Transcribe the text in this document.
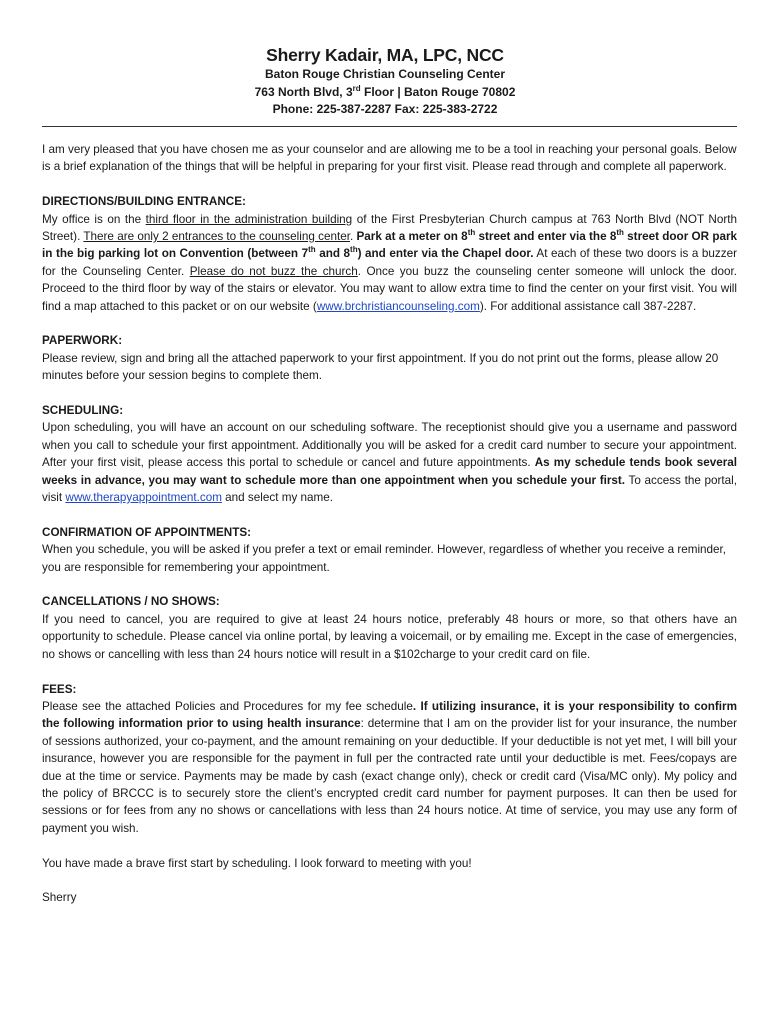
Sherry Kadair, MA, LPC, NCC
Baton Rouge Christian Counseling Center
763 North Blvd, 3rd Floor | Baton Rouge 70802
Phone: 225-387-2287 Fax: 225-383-2722

I am very pleased that you have chosen me as your counselor and are allowing me to be a tool in reaching your personal goals. Below is a brief explanation of the things that will be helpful in preparing for your first visit. Please read through and complete all paperwork.

DIRECTIONS/BUILDING ENTRANCE:
My office is on the third floor in the administration building of the First Presbyterian Church campus at 763 North Blvd (NOT North Street). There are only 2 entrances to the counseling center. Park at a meter on 8th street and enter via the 8th street door OR park in the big parking lot on Convention (between 7th and 8th) and enter via the Chapel door. At each of these two doors is a buzzer for the Counseling Center. Please do not buzz the church. Once you buzz the counseling center someone will unlock the door. Proceed to the third floor by way of the stairs or elevator. You may want to allow extra time to find the center on your first visit. You will find a map attached to this packet or on our website (www.brchristiancounseling.com). For additional assistance call 387-2287.

PAPERWORK:
Please review, sign and bring all the attached paperwork to your first appointment. If you do not print out the forms, please allow 20 minutes before your session begins to complete them.

SCHEDULING:
Upon scheduling, you will have an account on our scheduling software. The receptionist should give you a username and password when you call to schedule your first appointment. Additionally you will be asked for a credit card number to secure your appointment. After your first visit, please access this portal to schedule or cancel and future appointments. As my schedule tends book several weeks in advance, you may want to schedule more than one appointment when you schedule your first. To access the portal, visit www.therapyappointment.com and select my name.

CONFIRMATION OF APPOINTMENTS:
When you schedule, you will be asked if you prefer a text or email reminder. However, regardless of whether you receive a reminder, you are responsible for remembering your appointment.

CANCELLATIONS / NO SHOWS:
If you need to cancel, you are required to give at least 24 hours notice, preferably 48 hours or more, so that others have an opportunity to schedule. Please cancel via online portal, by leaving a voicemail, or by emailing me. Except in the case of emergencies, no shows or cancelling with less than 24 hours notice will result in a $102charge to your credit card on file.

FEES:
Please see the attached Policies and Procedures for my fee schedule. If utilizing insurance, it is your responsibility to confirm the following information prior to using health insurance: determine that I am on the provider list for your insurance, the number of sessions authorized, your co-payment, and the amount remaining on your deductible. If your deductible is not yet met, I will bill your insurance, however you are responsible for the payment in full per the contracted rate until your deductible is met. Fees/copays are due at the time or service. Payments may be made by cash (exact change only), check or credit card (Visa/MC only). My policy and the policy of BRCCC is to securely store the client’s encrypted credit card number for payment purposes. It can then be used for sessions or for fees from any no shows or cancellations with less than 24 hours notice. At time of service, you may use any form of payment you wish.

You have made a brave first start by scheduling. I look forward to meeting with you!

Sherry
